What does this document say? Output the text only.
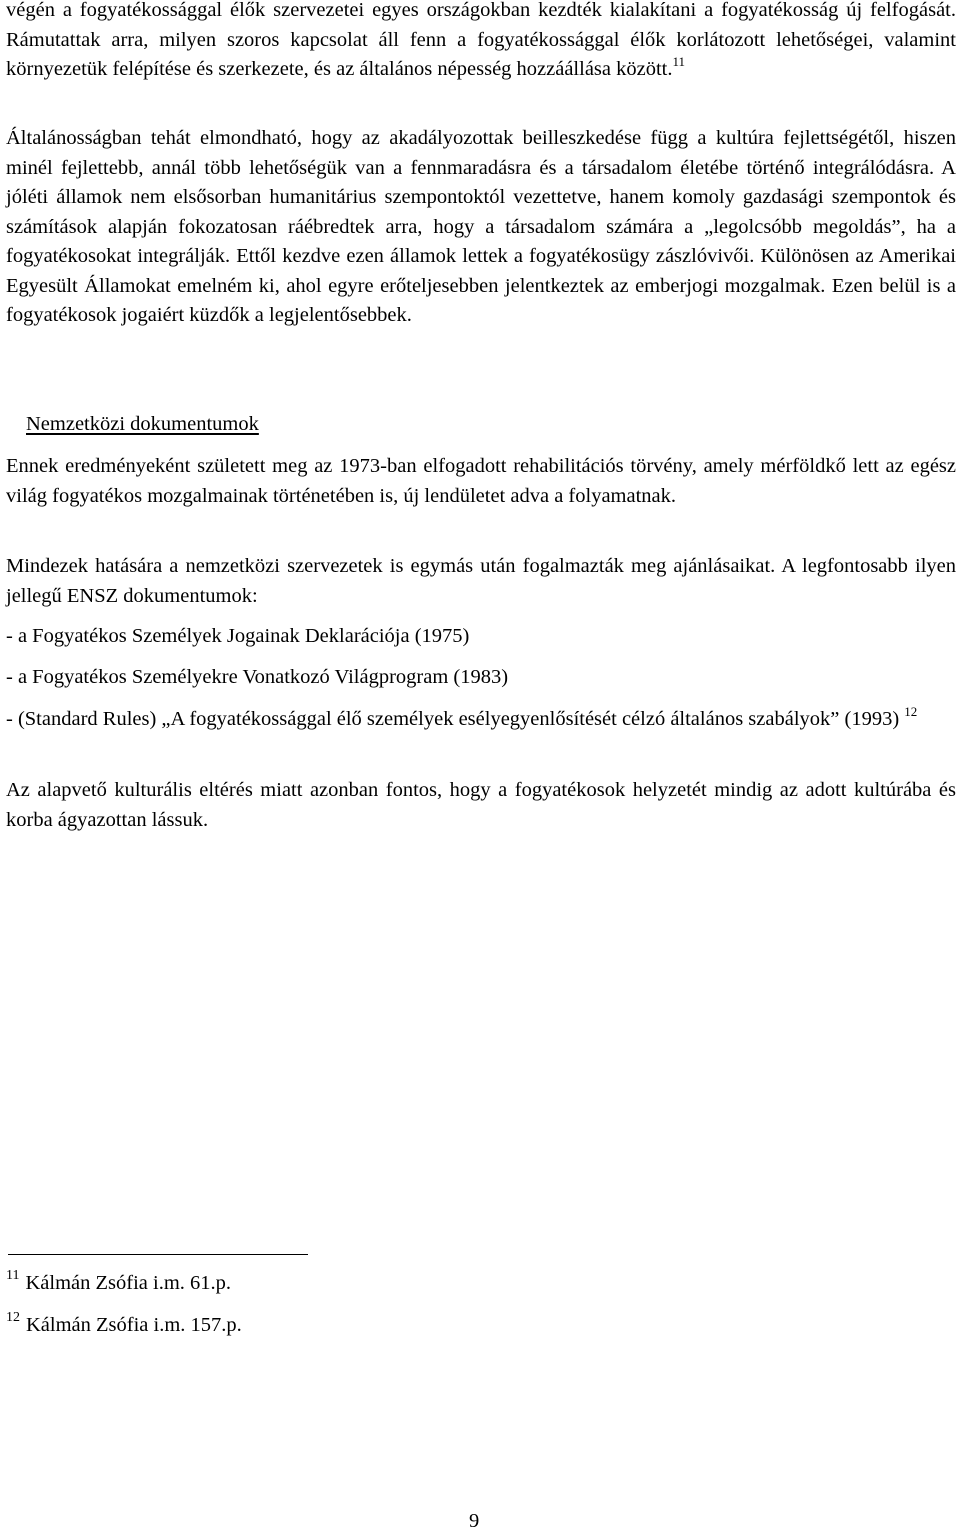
végén a fogyatékossággal élők szervezetei egyes országokban kezdték kialakítani a fogyatékosság új felfogását. Rámutattak arra, milyen szoros kapcsolat áll fenn a fogyatékossággal élők korlátozott lehetőségei, valamint környezetük felépítése és szerkezete, és az általános népesség hozzáállása között.$^{11}$

Általánosságban tehát elmondható, hogy az akadályozottak beilleszkedése függ a kultúra fejlettségétől, hiszen minél fejlettebb, annál több lehetőségük van a fennmaradásra és a társadalom életébe történő integrálódásra. A jóléti államok nem elsősorban humanitárius szempontoktól vezettetve, hanem komoly gazdasági szempontok és számítások alapján fokozatosan ráébredtek arra, hogy a társadalom számára a „legolcsóbb megoldás”, ha a fogyatékosokat integrálják. Ettől kezdve ezen államok lettek a fogyatékosügy zászlóvivői. Különösen az Amerikai Egyesült Államokat emelném ki, ahol egyre erőteljesebben jelentkeztek az emberjogi mozgalmak. Ezen belül is a fogyatékosok jogaiért küzdők a legjelentősebbek.

Nemzetközi dokumentumok

Ennek eredményeként született meg az 1973-ban elfogadott rehabilitációs törvény, amely mérföldkő lett az egész világ fogyatékos mozgalmainak történetében is, új lendületet adva a folyamatnak.

Mindezek hatására a nemzetközi szervezetek is egymás után fogalmazták meg ajánlásaikat. A legfontosabb ilyen jellegű ENSZ dokumentumok:

- a Fogyatékos Személyek Jogainak Deklarációja (1975)

- a Fogyatékos Személyekre Vonatkozó Világprogram (1983)

- (Standard Rules) „A fogyatékossággal élő személyek esélyegyenlősítését célzó általános szabályok” (1993) $^{12}$

Az alapvető kulturális eltérés miatt azonban fontos, hogy a fogyatékosok helyzetét mindig az adott kultúrába és korba ágyazottan lássuk.

$^{11}$ Kálmán Zsófia i.m. 61.p.
$^{12}$ Kálmán Zsófia i.m. 157.p.
9
